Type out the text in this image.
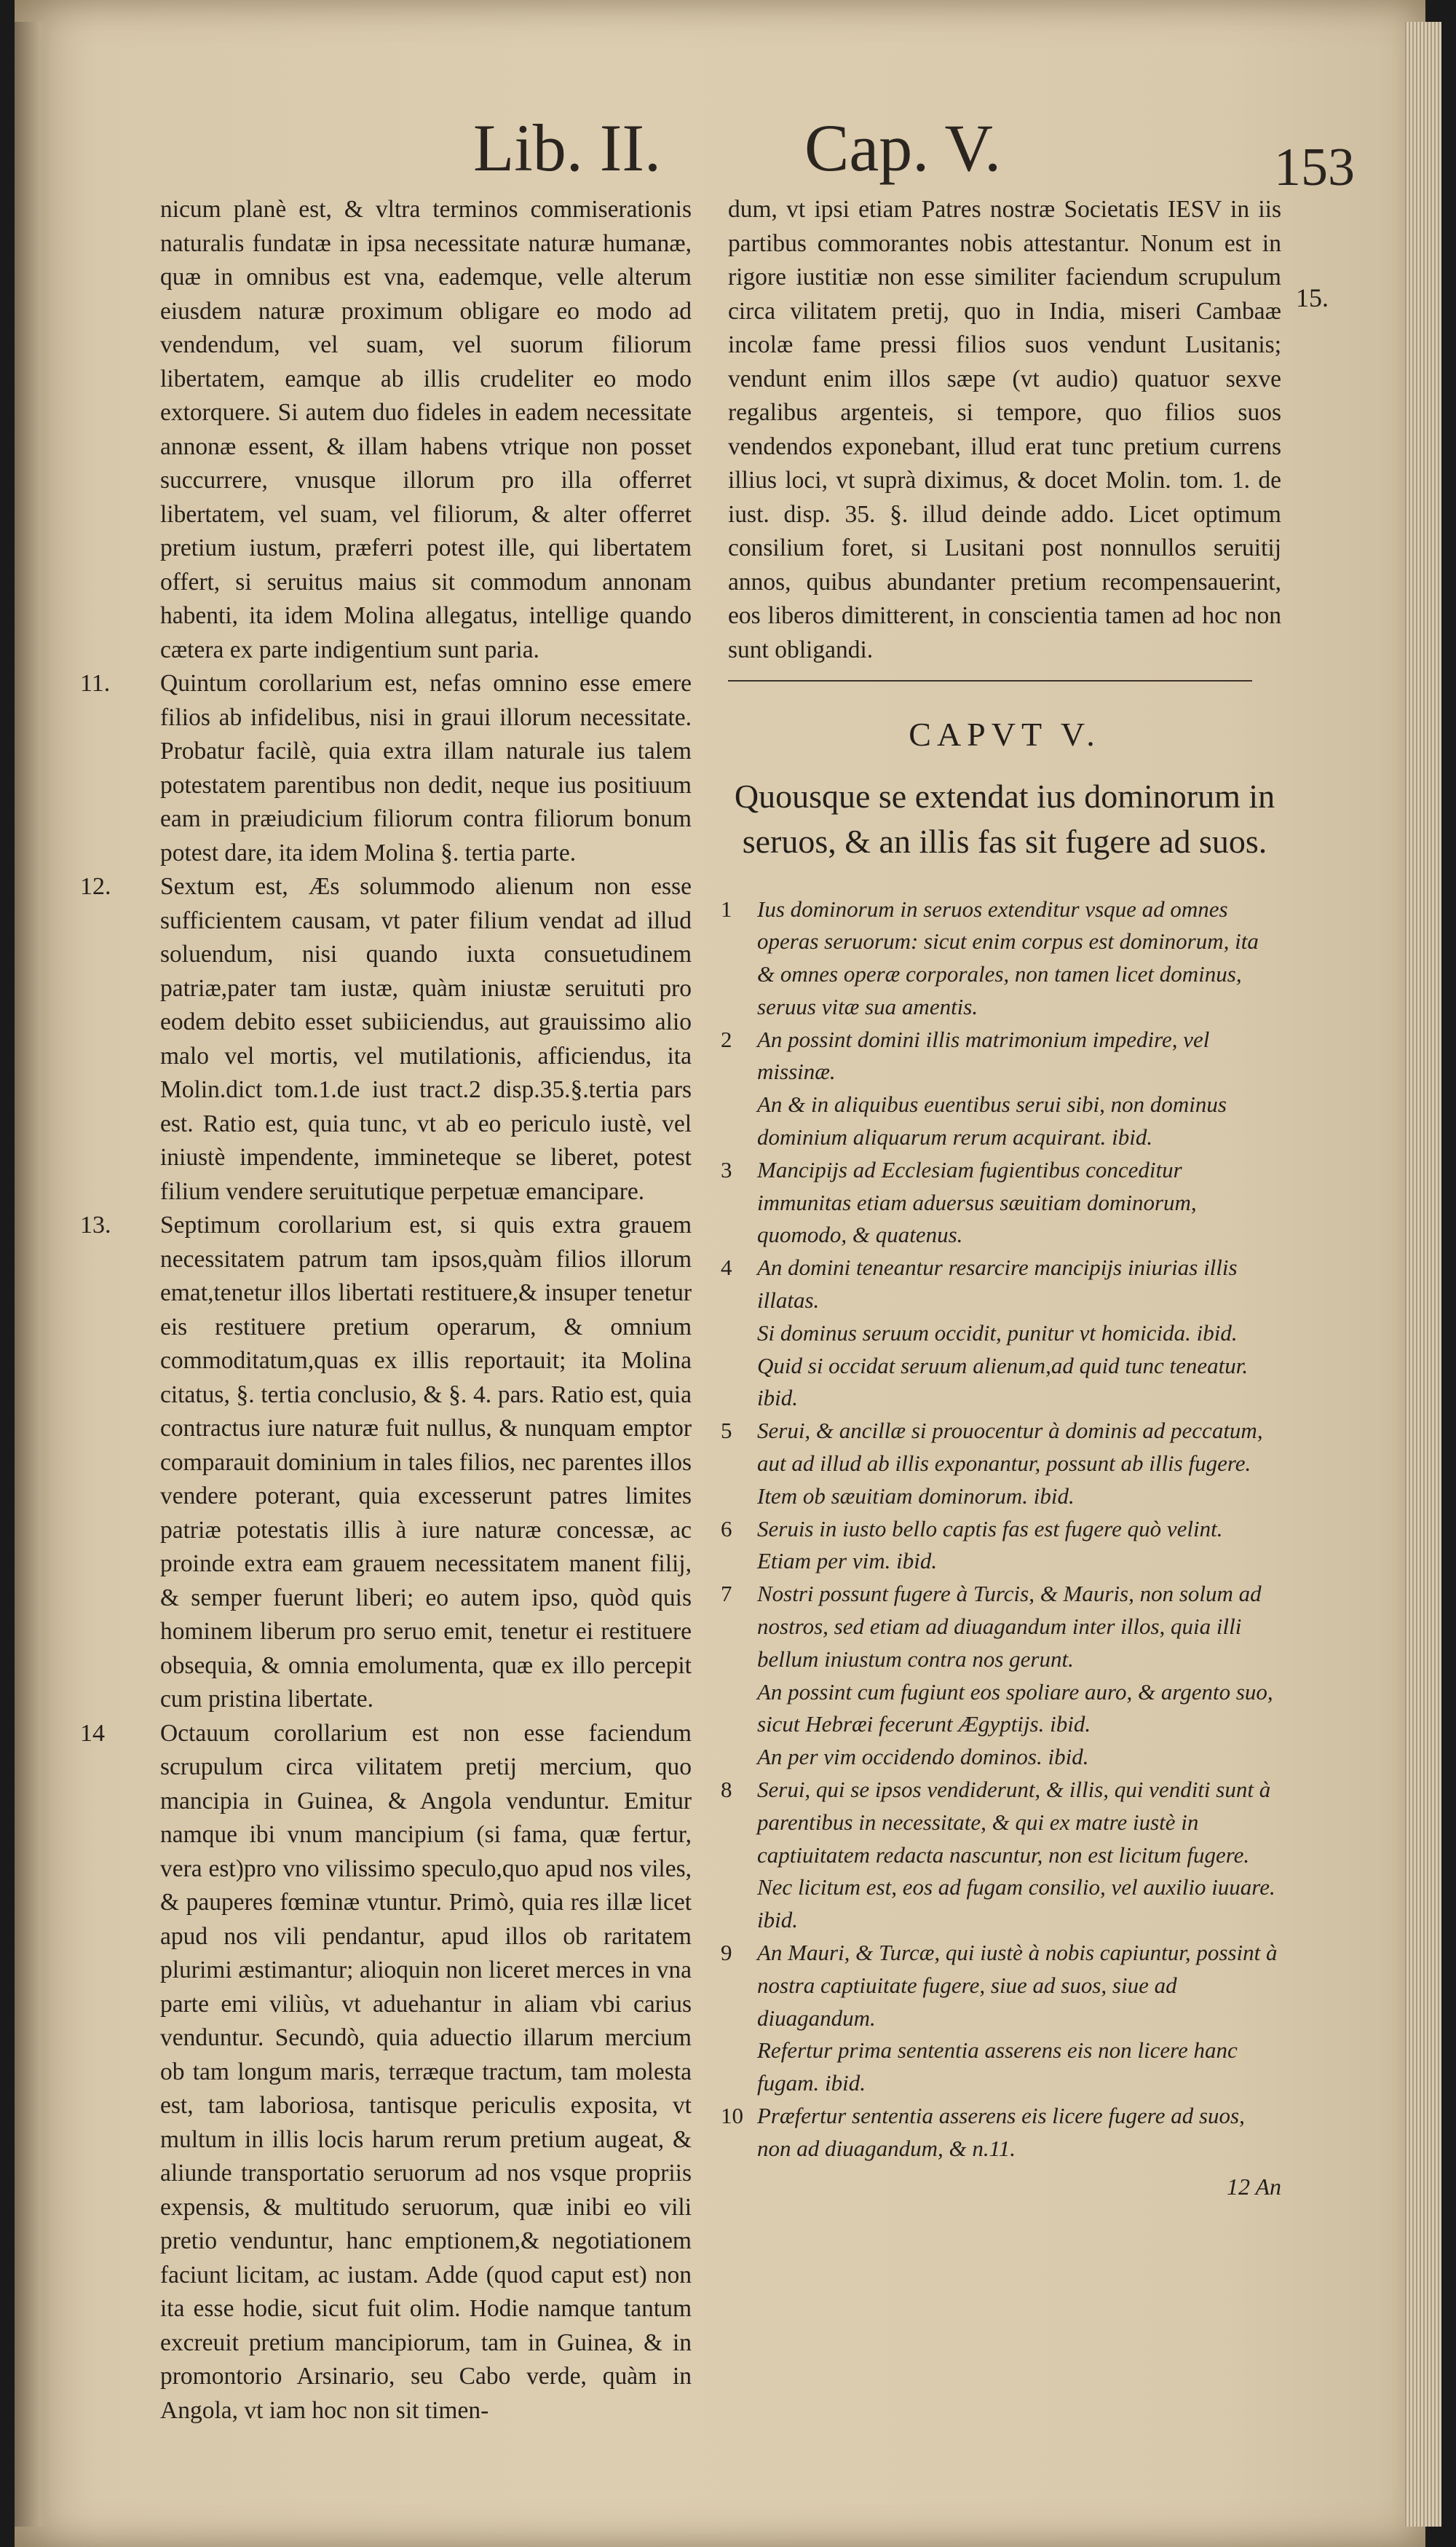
Lib. II. Cap. V.	153
15.

nicum planè est, & vltra terminos commiserationis naturalis fundatæ in ipsa necessitate naturæ humanæ, quæ in omnibus est vna, eademque, velle alterum eiusdem naturæ proximum obligare eo modo ad vendendum, vel suam, vel suorum filiorum libertatem, eamque ab illis crudeliter eo modo extorquere. Si autem duo fideles in eadem necessitate annonæ essent, & illam habens vtrique non posset succurrere, vnusque illorum pro illa offerret libertatem, vel suam, vel filiorum, & alter offerret pretium iustum, præferri potest ille, qui libertatem offert, si seruitus maius sit commodum annonam habenti, ita idem Molina allegatus, intellige quando cætera ex parte indigentium sunt paria.

11. Quintum corollarium est, nefas omnino esse emere filios ab infidelibus, nisi in graui illorum necessitate. Probatur facilè, quia extra illam naturale ius talem potestatem parentibus non dedit, neque ius positiuum eam in præiudicium filiorum contra filiorum bonum potest dare, ita idem Molina §. tertia parte.

12. Sextum est, Æs solummodo alienum non esse sufficientem causam, vt pater filium vendat ad illud soluendum, nisi quando iuxta consuetudinem patriæ,pater tam iustæ, quàm iniustæ seruituti pro eodem debito esset subiiciendus, aut grauissimo alio malo vel mortis, vel mutilationis, afficiendus, ita Molin.dict tom.1.de iust tract.2 disp.35.§.tertia pars est. Ratio est, quia tunc, vt ab eo periculo iustè, vel iniustè impendente, immineteque se liberet, potest filium vendere seruitutique perpetuæ emancipare.

13. Septimum corollarium est, si quis extra grauem necessitatem patrum tam ipsos,quàm filios illorum emat,tenetur illos libertati restituere,& insuper tenetur eis restituere pretium operarum, & omnium commoditatum,quas ex illis reportauit; ita Molina citatus, §. tertia conclusio, & §. 4. pars. Ratio est, quia contractus iure naturæ fuit nullus, & nunquam emptor comparauit dominium in tales filios, nec parentes illos vendere poterant, quia excesserunt patres limites patriæ potestatis illis à iure naturæ concessæ, ac proinde extra eam grauem necessitatem manent filij, & semper fuerunt liberi; eo autem ipso, quòd quis hominem liberum pro seruo emit, tenetur ei restituere obsequia, & omnia emolumenta, quæ ex illo percepit cum pristina libertate.

14 Octauum corollarium est non esse faciendum scrupulum circa vilitatem pretij mercium, quo mancipia in Guinea, & Angola venduntur. Emitur namque ibi vnum mancipium (si fama, quæ fertur, vera est)pro vno vilissimo speculo,quo apud nos viles, & pauperes fœminæ vtuntur. Primò, quia res illæ licet apud nos vili pendantur, apud illos ob raritatem plurimi æstimantur; alioquin non liceret merces in vna parte emi viliùs, vt aduehantur in aliam vbi carius venduntur. Secundò, quia aduectio illarum mercium ob tam longum maris, terræque tractum, tam molesta est, tam laboriosa, tantisque periculis exposita, vt multum in illis locis harum rerum pretium augeat, & aliunde transportatio seruorum ad nos vsque propriis expensis, & multitudo seruorum, quæ inibi eo vili pretio venduntur, hanc emptionem,& negotiationem faciunt licitam, ac iustam. Adde (quod caput est) non ita esse hodie, sicut fuit olim. Hodie namque tantum excreuit pretium mancipiorum, tam in Guinea, & in promontorio Arsinario, seu Cabo verde, quàm in Angola, vt iam hoc non sit timen-

dum, vt ipsi etiam Patres nostræ Societatis IESV in iis partibus commorantes nobis attestantur. Nonum est in rigore iustitiæ non esse similiter faciendum scrupulum circa vilitatem pretij, quo in India, miseri Cambaæ incolæ fame pressi filios suos vendunt Lusitanis; vendunt enim illos sæpe (vt audio) quatuor sexve regalibus argenteis, si tempore, quo filios suos vendendos exponebant, illud erat tunc pretium currens illius loci, vt suprà diximus, & docet Molin. tom. 1. de iust. disp. 35. §. illud deinde addo. Licet optimum consilium foret, si Lusitani post nonnullos seruitij annos, quibus abundanter pretium recompensauerint, eos liberos dimitterent, in conscientia tamen ad hoc non sunt obligandi.

CAPVT V.
Quousque se extendat ius dominorum in seruos, & an illis fas sit fugere ad suos.
1 Ius dominorum in seruos extenditur vsque ad omnes operas seruorum: sicut enim corpus est dominorum, ita & omnes operæ corporales, non tamen licet dominus, seruus vitæ sua amentis.
2 An possint domini illis matrimonium impedire, vel missinæ.
An & in aliquibus euentibus serui sibi, non dominus dominium aliquarum rerum acquirant. ibid.
3 Mancipijs ad Ecclesiam fugientibus conceditur immunitas etiam aduersus sæuitiam dominorum, quomodo, & quatenus.
4 An domini teneantur resarcire mancipijs iniurias illis illatas.
Si dominus seruum occidit, punitur vt homicida. ibid.
Quid si occidat seruum alienum,ad quid tunc teneatur. ibid.
5 Serui, & ancillæ si prouocentur à dominis ad peccatum, aut ad illud ab illis exponantur, possunt ab illis fugere.
Item ob sæuitiam dominorum. ibid.
6 Seruis in iusto bello captis fas est fugere quò velint.
Etiam per vim. ibid.
7 Nostri possunt fugere à Turcis, & Mauris, non solum ad nostros, sed etiam ad diuagandum inter illos, quia illi bellum iniustum contra nos gerunt.
An possint cum fugiunt eos spoliare auro, & argento suo, sicut Hebræi fecerunt Ægyptijs. ibid.
An per vim occidendo dominos. ibid.
8 Serui, qui se ipsos vendiderunt, & illis, qui venditi sunt à parentibus in necessitate, & qui ex matre iustè in captiuitatem redacta nascuntur, non est licitum fugere.
Nec licitum est, eos ad fugam consilio, vel auxilio iuuare. ibid.
9 An Mauri, & Turcæ, qui iustè à nobis capiuntur, possint à nostra captiuitate fugere, siue ad suos, siue ad diuagandum.
Refertur prima sententia asserens eis non licere hanc fugam. ibid.
10 Præfertur sententia asserens eis licere fugere ad suos, non ad diuagandum, & n.11.
12 An
